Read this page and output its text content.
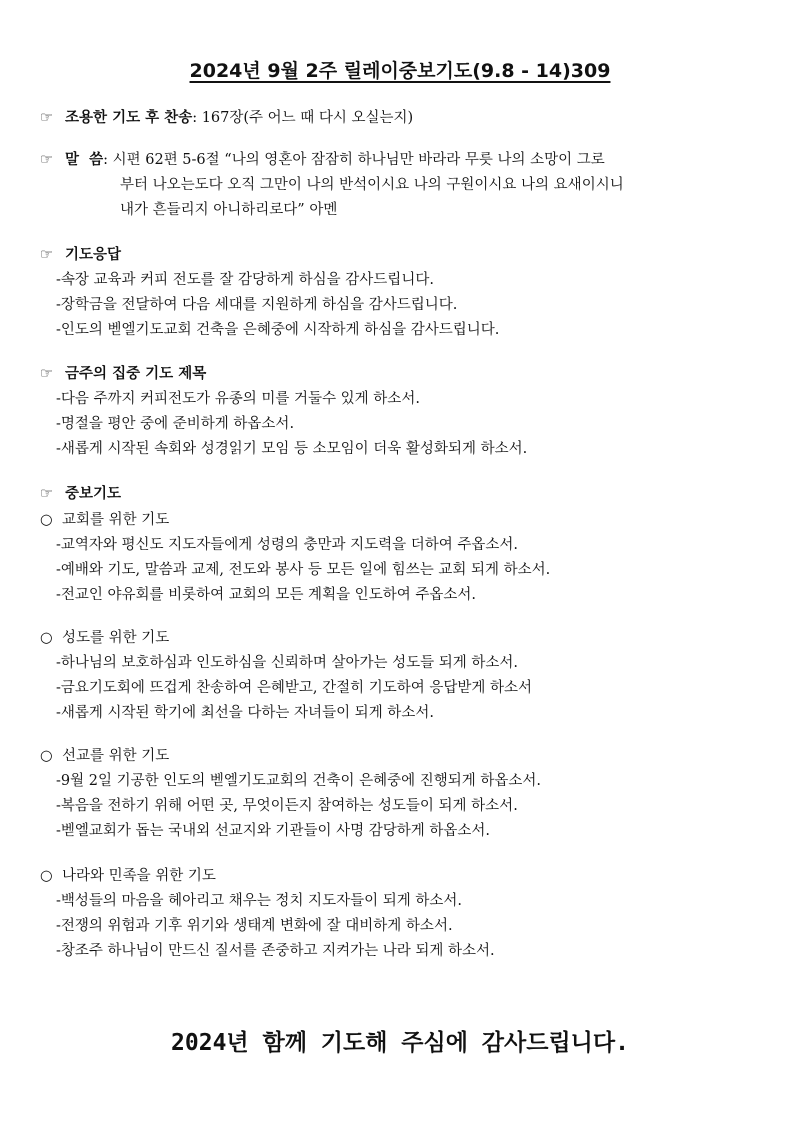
2024년 9월 2주 릴레이중보기도(9.8 - 14)309
☞ 조용한 기도 후 찬송: 167장(주 어느 때 다시 오실는지)
☞ 말  씀: 시편 62편 5-6절 “나의 영혼아 잠잠히 하나님만 바라라 무릇 나의 소망이 그로
부터 나오는도다 오직 그만이 나의 반석이시요 나의 구원이시요 나의 요새이시니
내가 흔들리지 아니하리로다” 아멘
☞ 기도응답
-속장 교육과 커피 전도를 잘 감당하게 하심을 감사드립니다.
-장학금을 전달하여 다음 세대를 지원하게 하심을 감사드립니다.
-인도의 벧엘기도교회 건축을 은혜중에 시작하게 하심을 감사드립니다.
☞ 금주의 집중 기도 제목
-다음 주까지 커피전도가 유종의 미를 거둘수 있게 하소서.
-명절을 평안 중에 준비하게 하옵소서.
-새롭게 시작된 속회와 성경읽기 모임 등 소모임이 더욱 활성화되게 하소서.
☞ 중보기도
○ 교회를 위한 기도
-교역자와 평신도 지도자들에게 성령의 충만과 지도력을 더하여 주옵소서.
-예배와 기도, 말씀과 교제, 전도와 봉사 등 모든 일에 힘쓰는 교회 되게 하소서.
-전교인 야유회를 비롯하여 교회의 모든 계획을 인도하여 주옵소서.
○ 성도를 위한 기도
-하나님의 보호하심과 인도하심을 신뢰하며 살아가는 성도들 되게 하소서.
-금요기도회에 뜨겁게 찬송하여 은혜받고, 간절히 기도하여 응답받게 하소서
-새롭게 시작된 학기에 최선을 다하는 자녀들이 되게 하소서.
○ 선교를 위한 기도
-9월 2일 기공한 인도의 벧엘기도교회의 건축이 은혜중에 진행되게 하옵소서.
-복음을 전하기 위해 어떤 곳, 무엇이든지 참여하는 성도들이 되게 하소서.
-벧엘교회가 돕는 국내외 선교지와 기관들이 사명 감당하게 하옵소서.
○ 나라와 민족을 위한 기도
-백성들의 마음을 헤아리고 채우는 정치 지도자들이 되게 하소서.
-전쟁의 위험과 기후 위기와 생태계 변화에 잘 대비하게 하소서.
-창조주 하나님이 만드신 질서를 존중하고 지켜가는 나라 되게 하소서.
2024년 함께 기도해 주심에 감사드립니다.
